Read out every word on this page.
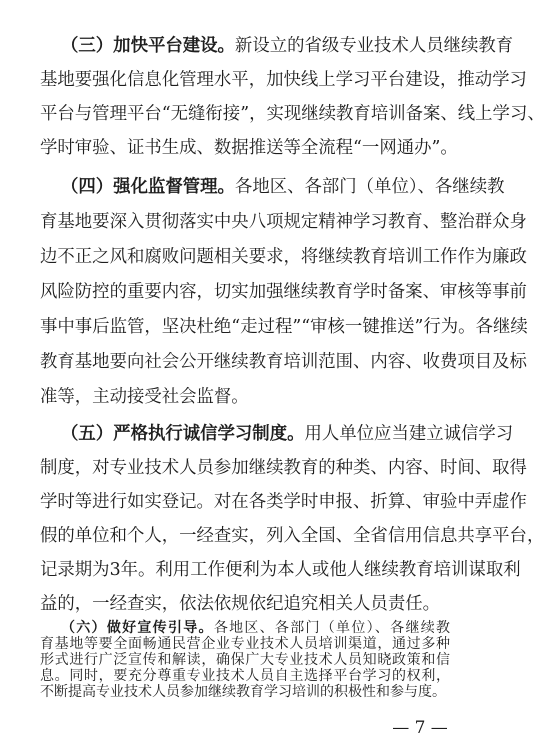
（三）加快平台建设。新设立的省级专业技术人员继续教育
基地要强化信息化管理水平，加快线上学习平台建设，推动学习
平台与管理平台“无缝衔接”，实现继续教育培训备案、线上学习、
学时审验、证书生成、数据推送等全流程“一网通办”。
（四）强化监督管理。各地区、各部门（单位）、各继续教
育基地要深入贯彻落实中央八项规定精神学习教育、整治群众身
边不正之风和腐败问题相关要求，将继续教育培训工作作为廉政
风险防控的重要内容，切实加强继续教育学时备案、审核等事前
事中事后监管，坚决杜绝“走过程”“审核一键推送”行为。各继续
教育基地要向社会公开继续教育培训范围、内容、收费项目及标
准等，主动接受社会监督。
（五）严格执行诚信学习制度。用人单位应当建立诚信学习
制度，对专业技术人员参加继续教育的种类、内容、时间、取得
学时等进行如实登记。对在各类学时申报、折算、审验中弄虚作
假的单位和个人，一经查实，列入全国、全省信用信息共享平台，
记录期为3年。利用工作便利为本人或他人继续教育培训谋取利
益的，一经查实，依法依规依纪追究相关人员责任。
（六）做好宣传引导。各地区、各部门（单位）、各继续教
育基地等要全面畅通民营企业专业技术人员培训渠道，通过多种
形式进行广泛宣传和解读，确保广大专业技术人员知晓政策和信
息。同时，要充分尊重专业技术人员自主选择平台学习的权利，
不断提高专业技术人员参加继续教育学习培训的积极性和参与度。
— 7 —
